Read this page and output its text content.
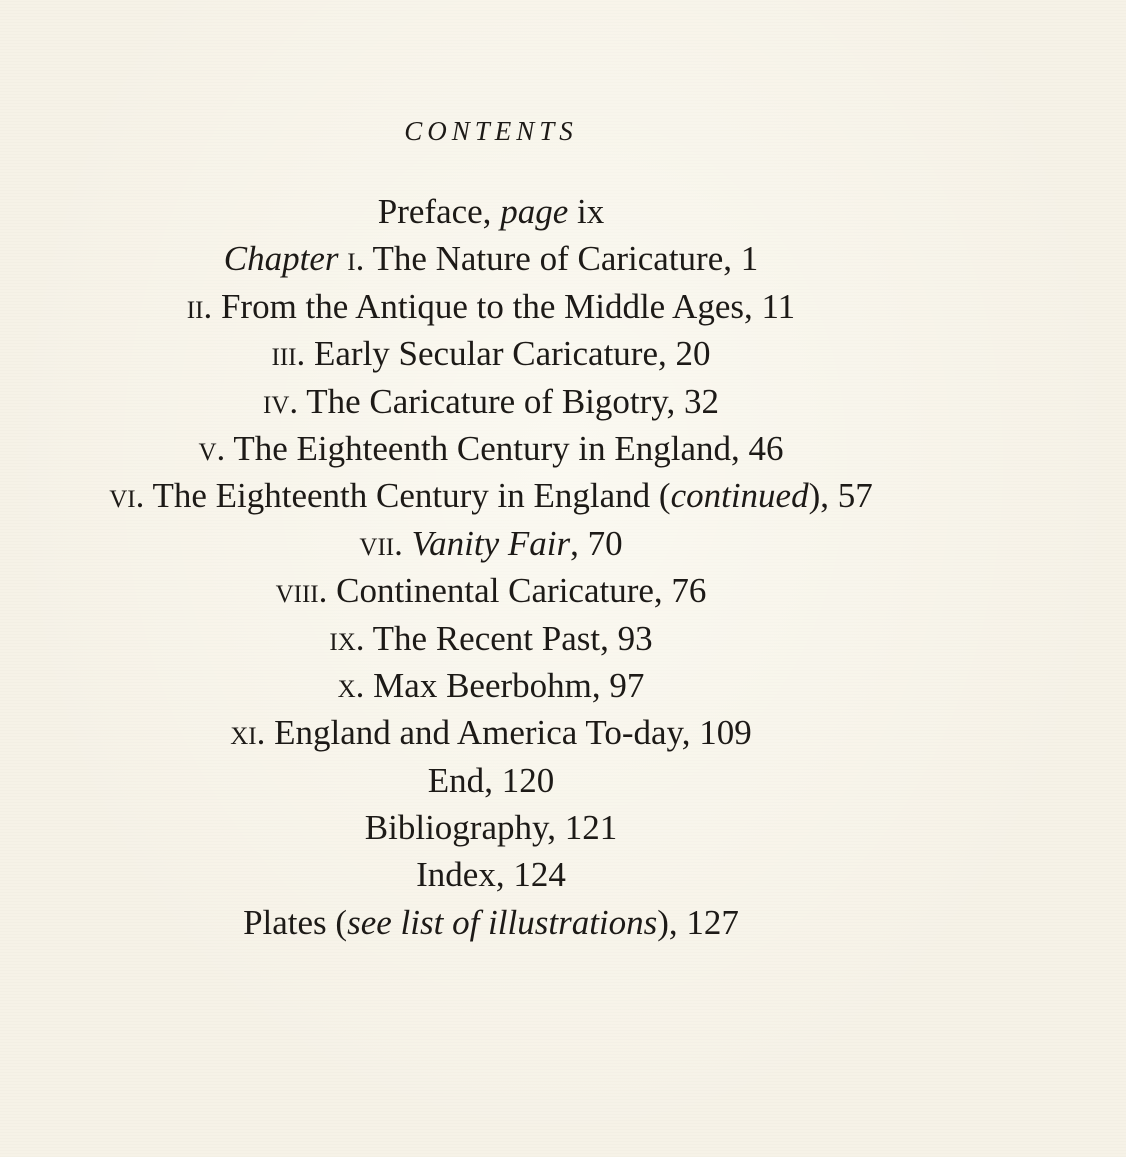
CONTENTS
Preface, page ix
Chapter i. The Nature of Caricature, 1
ii. From the Antique to the Middle Ages, 11
iii. Early Secular Caricature, 20
iv. The Caricature of Bigotry, 32
v. The Eighteenth Century in England, 46
vi. The Eighteenth Century in England (continued), 57
vii. Vanity Fair, 70
viii. Continental Caricature, 76
ix. The Recent Past, 93
x. Max Beerbohm, 97
xi. England and America To-day, 109
End, 120
Bibliography, 121
Index, 124
Plates (see list of illustrations), 127
